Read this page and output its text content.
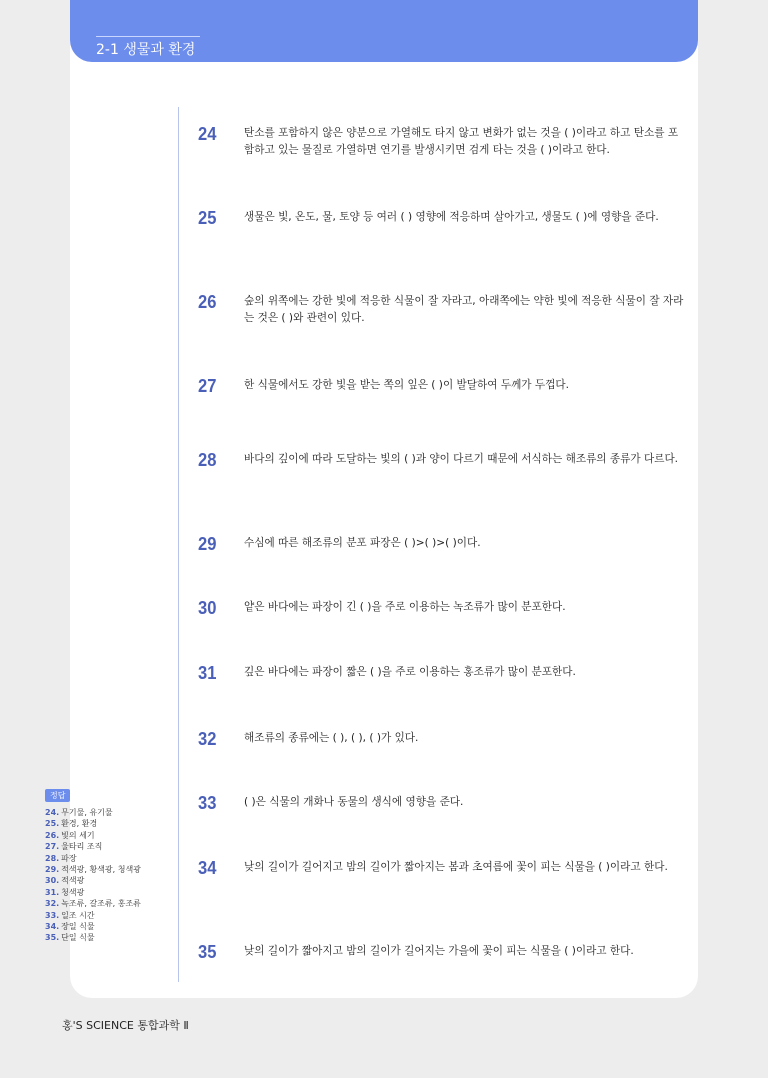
2-1 생물과 환경
24	탄소를 포함하지 않은 양분으로 가열해도 타지 않고 변화가 없는 것을 ( )이라고 하고 탄소를 포함하고 있는 물질로 가열하면 연기를 발생시키면 검게 타는 것을 ( )이라고 한다.
25	생물은 빛, 온도, 물, 토양 등 여러 ( ) 영향에 적응하며 살아가고, 생물도 ( )에 영향을 준다.
26	숲의 위쪽에는 강한 빛에 적응한 식물이 잘 자라고, 아래쪽에는 약한 빛에 적응한 식물이 잘 자라는 것은 ( )와 관련이 있다.
27	한 식물에서도 강한 빛을 받는 쪽의 잎은 ( )이 발달하여 두께가 두껍다.
28	바다의 깊이에 따라 도달하는 빛의 ( )과 양이 다르기 때문에 서식하는 해조류의 종류가 다르다.
29	수심에 따른 해조류의 분포 파장은 ( )>( )>( )이다.
30	얕은 바다에는 파장이 긴 ( )을 주로 이용하는 녹조류가 많이 분포한다.
31	깊은 바다에는 파장이 짧은 ( )을 주로 이용하는 홍조류가 많이 분포한다.
32	해조류의 종류에는 ( ), ( ), ( )가 있다.
33	( )은 식물의 개화나 동물의 생식에 영향을 준다.
34	낮의 길이가 길어지고 밤의 길이가 짧아지는 봄과 초여름에 꽃이 피는 식물을 ( )이라고 한다.
35	낮의 길이가 짧아지고 밤의 길이가 길어지는 가을에 꽃이 피는 식물을 ( )이라고 한다.
정답
24. 무기물, 유기물
25. 환경, 환경
26. 빛의 세기
27. 울타리 조직
28. 파장
29. 적색광, 황색광, 청색광
30. 적색광
31. 청색광
32. 녹조류, 갈조류, 홍조류
33. 일조 시간
34. 장일 식물
35. 단일 식물
홍'S SCIENCE 통합과학 Ⅱ
